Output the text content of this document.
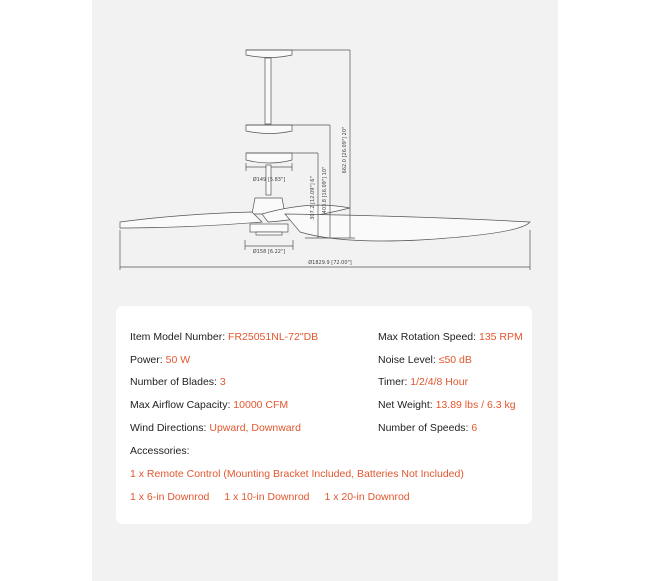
662.0 [26.09"] 20"
403.8 [16.09"] 10"
307.2 [12.09"] 6"
Ø149 [5.83"]
Ø158 [6.22"]
Ø1829.9 [72.00"]
Item Model Number: FR25051NL-72"DB
Power: 50 W
Number of Blades: 3
Max Airflow Capacity: 10000 CFM
Wind Directions: Upward, Downward
Max Rotation Speed: 135 RPM
Noise Level: ≤50 dB
Timer: 1/2/4/8 Hour
Net Weight: 13.89 lbs / 6.3 kg
Number of Speeds: 6
Accessories:
1 x Remote Control (Mounting Bracket Included, Batteries Not Included)
1 x 6-in Downrod 1 x 10-in Downrod 1 x 20-in Downrod
